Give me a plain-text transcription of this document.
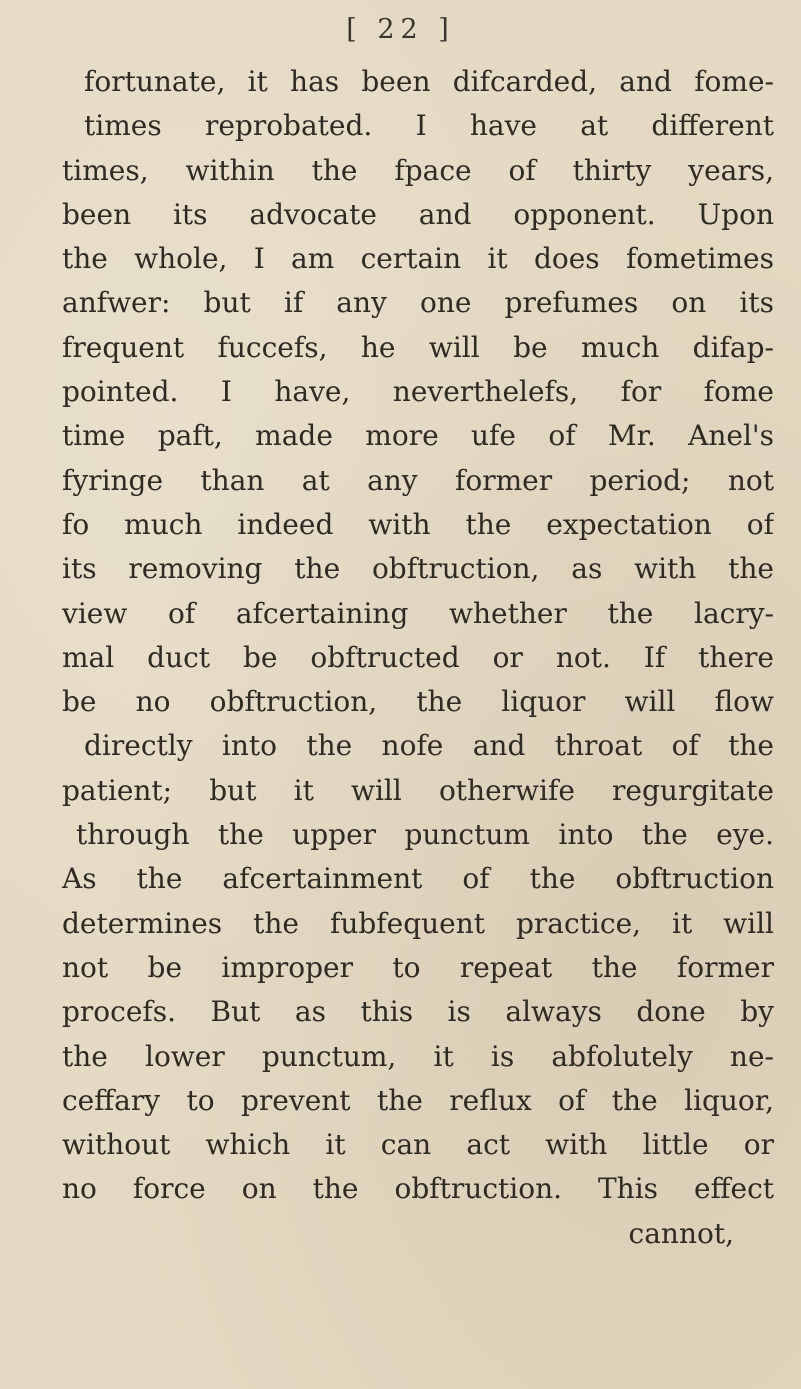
[ 22 ]
fortunate, it has been difcarded, and fome-
times reprobated. I have at different
times, within the fpace of thirty years,
been its advocate and opponent. Upon
the whole, I am certain it does fometimes
anfwer: but if any one prefumes on its
frequent fuccefs, he will be much difap-
pointed. I have, neverthelefs, for fome
time paft, made more ufe of Mr. Anel's
fyringe than at any former period; not
fo much indeed with the expectation of
its removing the obftruction, as with the
view of afcertaining whether the lacry-
mal duct be obftructed or not. If there
be no obftruction, the liquor will flow
directly into the nofe and throat of the
patient; but it will otherwife regurgitate
through the upper punctum into the eye.
As the afcertainment of the obftruction
determines the fubfequent practice, it will
not be improper to repeat the former
procefs. But as this is always done by
the lower punctum, it is abfolutely ne-
ceffary to prevent the reflux of the liquor,
without which it can act with little or
no force on the obftruction. This effect
cannot,
